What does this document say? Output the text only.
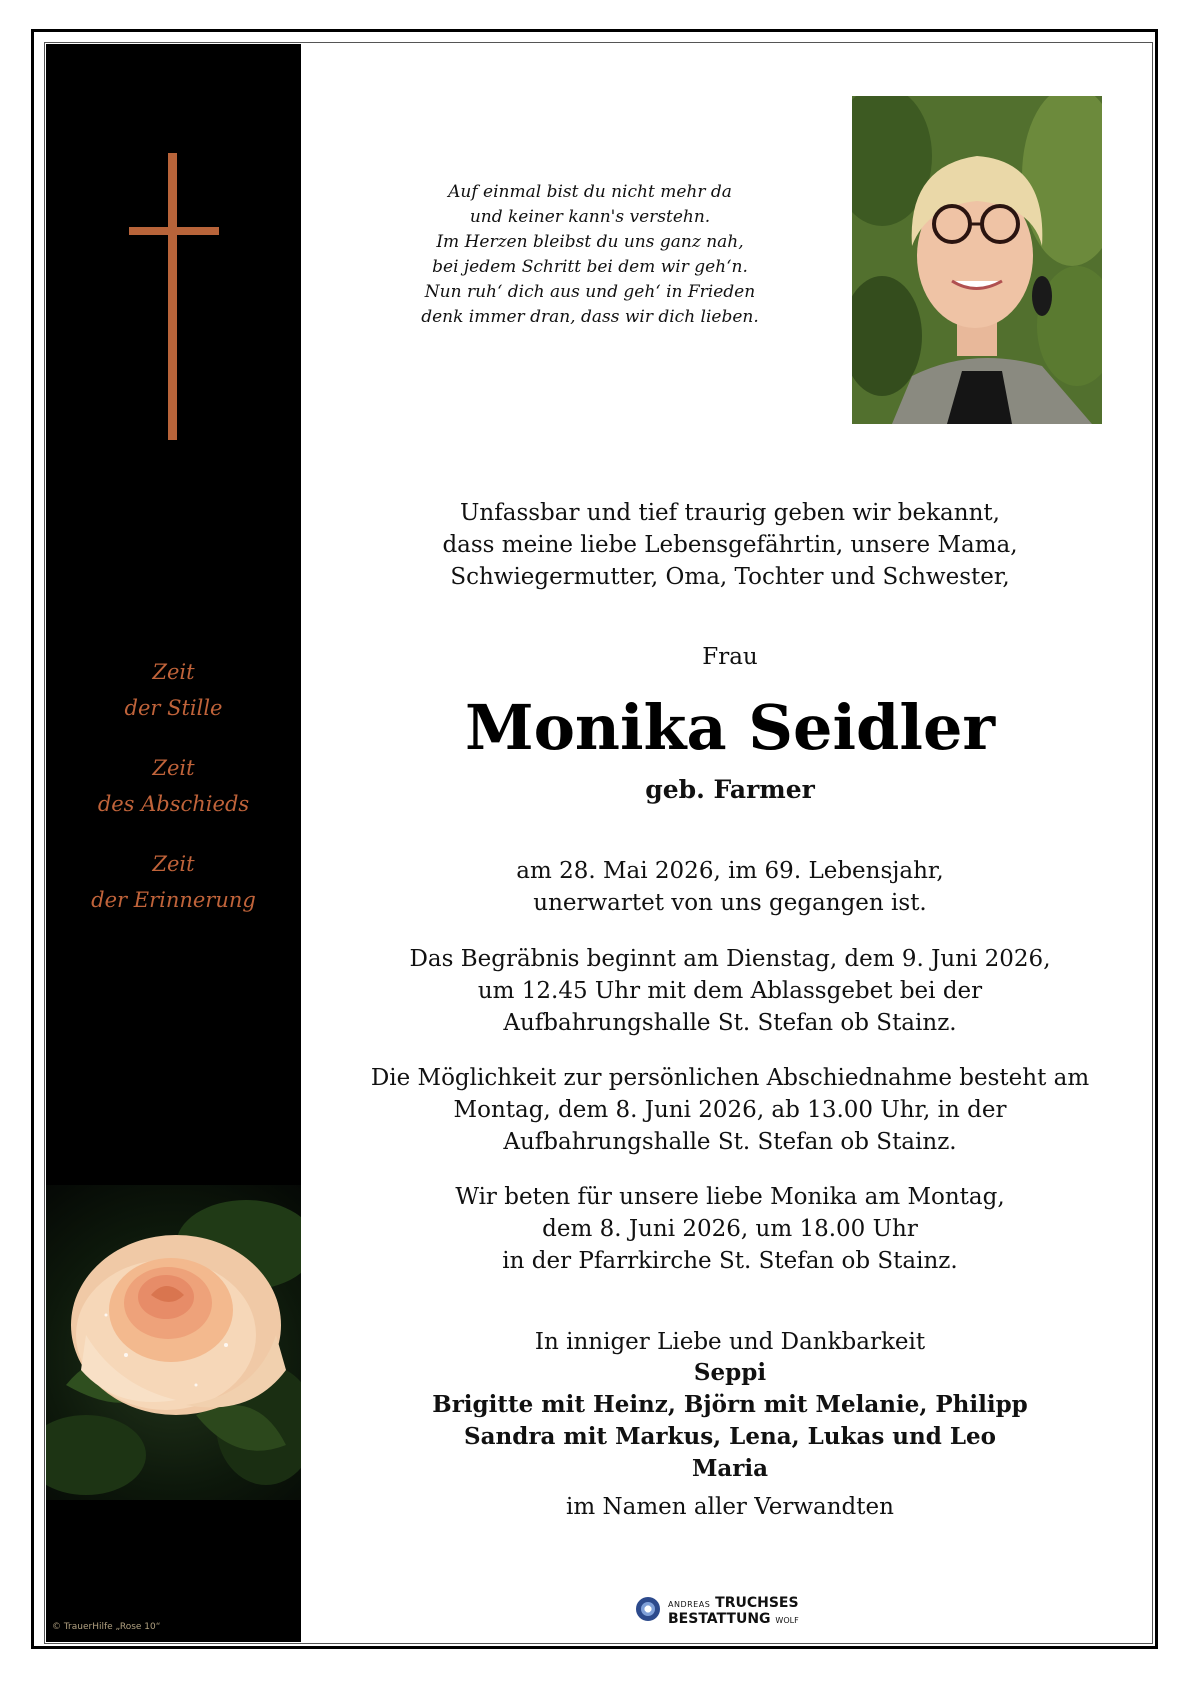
Zeit
der Stille
Zeit
des Abschieds
Zeit
der Erinnerung
© TrauerHilfe „Rose 10“
Auf einmal bist du nicht mehr da
und keiner kann's verstehn.
Im Herzen bleibst du uns ganz nah,
bei jedem Schritt bei dem wir geh‘n.
Nun ruh‘ dich aus und geh‘ in Frieden
denk immer dran, dass wir dich lieben.
Unfassbar und tief traurig geben wir bekannt,
dass meine liebe Lebensgefährtin, unsere Mama,
Schwiegermutter, Oma, Tochter und Schwester,
Frau
Monika Seidler
geb. Farmer
am 28. Mai 2026, im 69. Lebensjahr,
unerwartet von uns gegangen ist.
Das Begräbnis beginnt am Dienstag, dem 9. Juni 2026,
um 12.45 Uhr mit dem Ablassgebet bei der
Aufbahrungshalle St. Stefan ob Stainz.
Die Möglichkeit zur persönlichen Abschiednahme besteht am
Montag, dem 8. Juni 2026, ab 13.00 Uhr, in der
Aufbahrungshalle St. Stefan ob Stainz.
Wir beten für unsere liebe Monika am Montag,
dem 8. Juni 2026, um 18.00 Uhr
in der Pfarrkirche St. Stefan ob Stainz.
In inniger Liebe und Dankbarkeit
Seppi
Brigitte mit Heinz, Björn mit Melanie, Philipp
Sandra mit Markus, Lena, Lukas und Leo
Maria
im Namen aller Verwandten
ANDREAS TRUCHSES
BESTATTUNG WOLF
